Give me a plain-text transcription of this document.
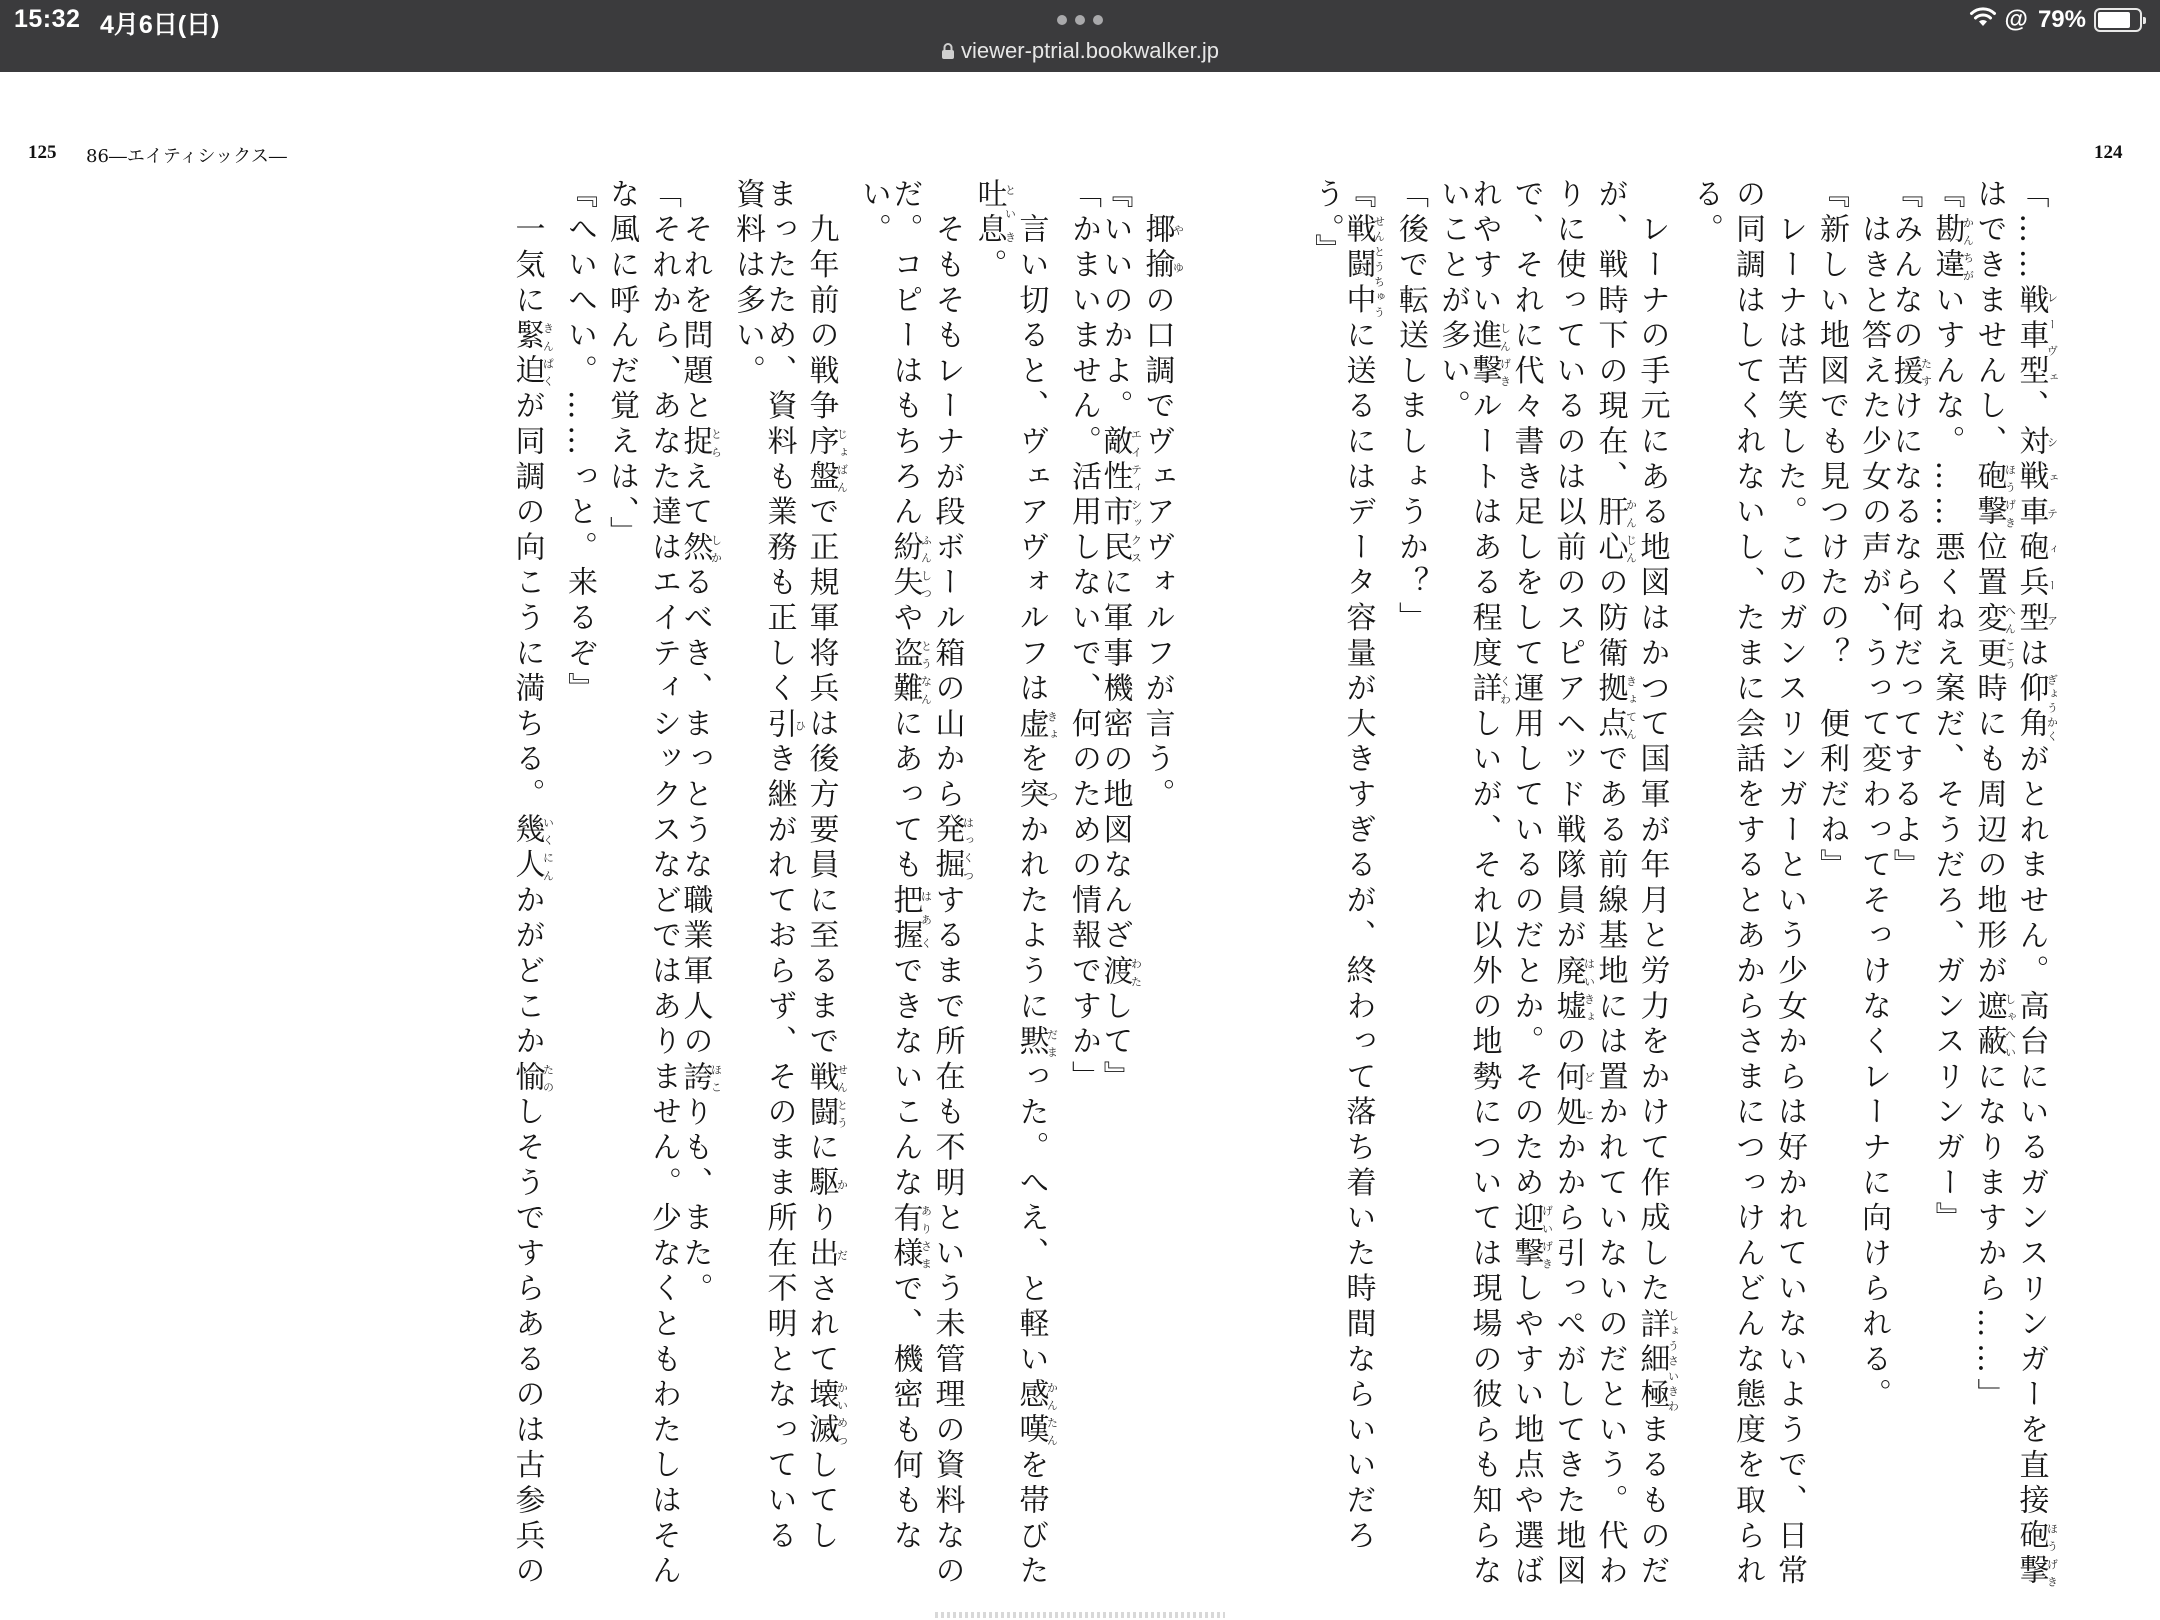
15:32 4月6日(日)
viewer-ptrial.bookwalker.jp
@ 79%
125 86―エイティシックス―	124
「……戦車型レーヴェ、対戦車砲兵型シェティーアは仰角ぎょうかくがとれません。高台にいるガンスリンガーを直接砲撃ほうげき
はできませんし、砲撃ほうげき位置変更へんこう時にも周辺の地形が遮蔽しゃへいになりますから……」
『勘違かんちがいすんな。……悪くねえ案だ、そうだろ、ガンスリンガー』
『みんなの援たすけになるなら何だってするよ』
　はきと答えた少女の声が、うって変わってそっけなくレーナに向けられる。
『新しい地図でも見つけたの？　便利だね』
　レーナは苦笑した。このガンスリンガーという少女からは好かれていないようで、日常
の同調はしてくれないし、たまに会話をするとあからさまにつっけんどんな態度を取られ
る。
　レーナの手元にある地図はかつて国軍が年月と労力をかけて作成した詳細極しょうさいきわまるものだ
が、戦時下の現在、肝心かんじんの防衛拠点きょてんである前線基地には置かれていないのだという。代わ
りに使っているのは以前のスピアヘッド戦隊員が廃墟はいきょの何処どこかから引っぺがしてきた地図
で、それに代々書き足しをして運用しているのだとか。そのため迎撃げいげきしやすい地点や選ば
れやすい進撃しんげきルートはある程度詳くわしいが、それ以外の地勢については現場の彼らも知らな
いことが多い。
「後で転送しましょうか？」
『戦闘中せんとうちゅうに送るにはデータ容量が大きすぎるが、終わって落ち着いた時間ならいいだろ
う。』
　揶揄やゆの口調でヴェアヴォルフが言う。
『いいのかよ。敵性市民エイティシックスに軍事機密の地図なんざ渡わたして』
「かまいません。活用しないで、何のための情報ですか」
　言い切ると、ヴェアヴォルフは虚きょを突つかれたように黙だまった。へえ、と軽い感嘆かんたんを帯びた
吐息といき。
　そもそもレーナが段ボール箱の山から発掘はっくつするまで所在も不明という未管理の資料なの
だ。コピーはもちろん紛失ふんしつや盗難とうなんにあっても把握はあくできないこんな有様ありさまで、機密も何もな
い。
　九年前の戦争序盤じょばんで正規軍将兵は後方要員に至るまで戦闘せんとうに駆かり出だされて壊滅かいめつしてし
まったため、資料も業務も正しく引ひき継がれておらず、そのまま所在不明となっている
資料は多い。
　それを問題と捉とらえて然しかるべき、まっとうな職業軍人の誇ほこりも、また。
「それから、あなた達はエイティシックスなどではありません。少なくともわたしはそん
な風に呼んだ覚えは、」
『へいへい。……っと。来るぞ』
　一気に緊迫きんぱくが同調の向こうに満ちる。幾人いくにんかがどこか愉たのしそうですらあるのは古参兵の
